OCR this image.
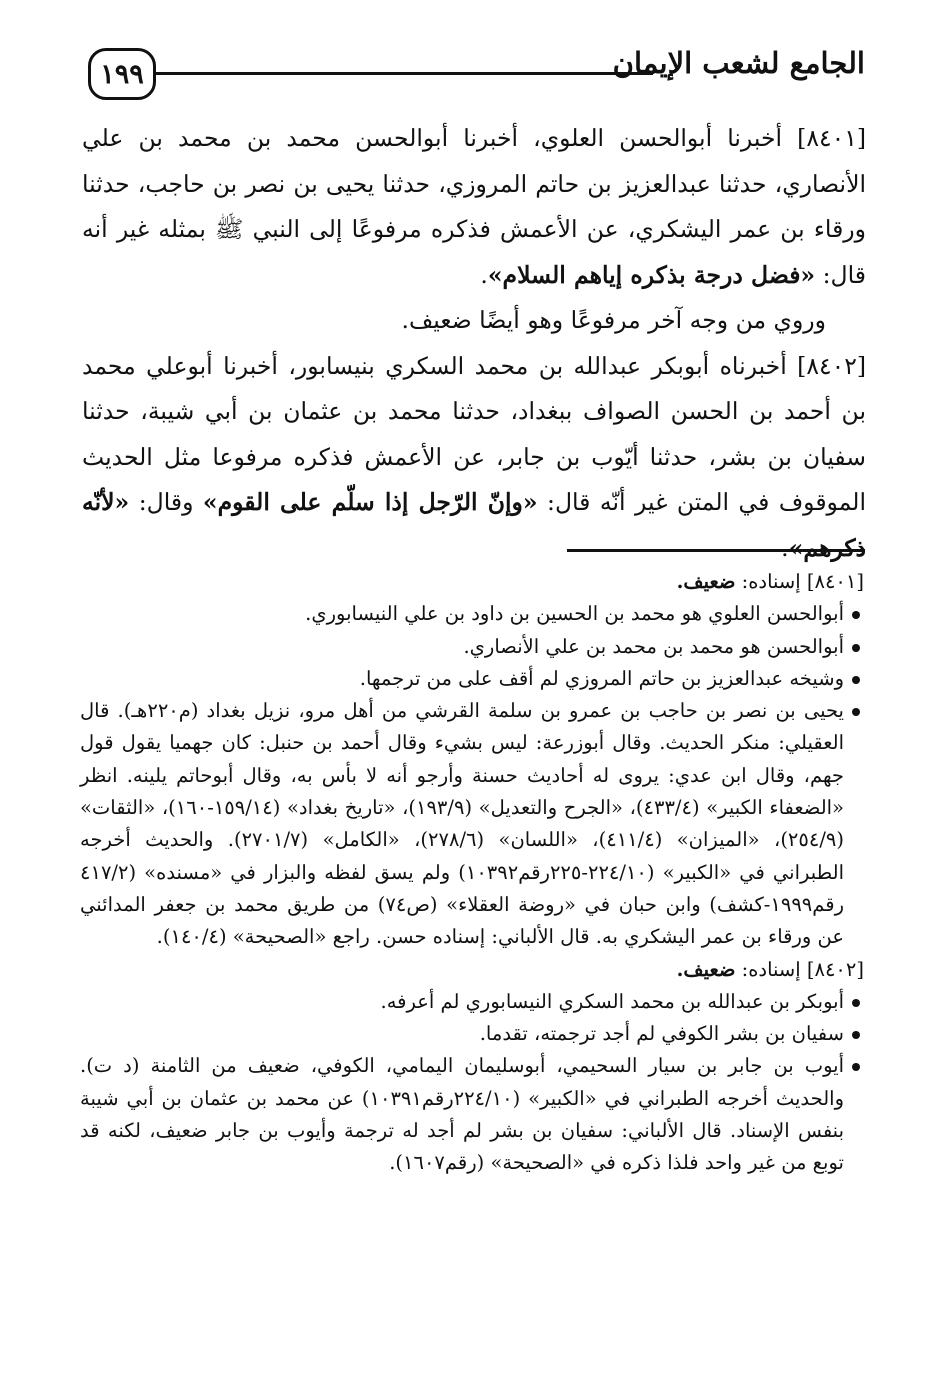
الجامع لشعب الإيمان
١٩٩

[٨٤٠١] أخبرنا أبوالحسن العلوي، أخبرنا أبوالحسن محمد بن محمد بن علي الأنصاري، حدثنا عبدالعزيز بن حاتم المروزي، حدثنا يحيى بن نصر بن حاجب، حدثنا ورقاء بن عمر اليشكري، عن الأعمش فذكره مرفوعًا إلى النبي ﷺ بمثله غير أنه قال: «فضل درجة بذكره إياهم السلام».

وروي من وجه آخر مرفوعًا وهو أيضًا ضعيف.

[٨٤٠٢] أخبرناه أبوبكر عبدالله بن محمد السكري بنيسابور، أخبرنا أبوعلي محمد بن أحمد بن الحسن الصواف ببغداد، حدثنا محمد بن عثمان بن أبي شيبة، حدثنا سفيان بن بشر، حدثنا أيّوب بن جابر، عن الأعمش فذكره مرفوعا مثل الحديث الموقوف في المتن غير أنّه قال: «وإنّ الرّجل إذا سلّم على القوم» وقال: «لأنّه ذكرهم».

[٨٤٠١] إسناده: ضعيف.

أبوالحسن العلوي هو محمد بن الحسين بن داود بن علي النيسابوري.
أبوالحسن هو محمد بن محمد بن علي الأنصاري.
وشيخه عبدالعزيز بن حاتم المروزي لم أقف على من ترجمها.
يحيى بن نصر بن حاجب بن عمرو بن سلمة القرشي من أهل مرو، نزيل بغداد (م٢٢٠هـ). قال العقيلي: منكر الحديث. وقال أبوزرعة: ليس بشيء وقال أحمد بن حنبل: كان جهميا يقول قول جهم، وقال ابن عدي: يروى له أحاديث حسنة وأرجو أنه لا بأس به، وقال أبوحاتم يلينه. انظر «الضعفاء الكبير» (٤٣٣/٤)، «الجرح والتعديل» (١٩٣/٩)، «تاريخ بغداد» (١٥٩/١٤-١٦٠)، «الثقات» (٢٥٤/٩)، «الميزان» (٤١١/٤)، «اللسان» (٢٧٨/٦)، «الكامل» (٢٧٠١/٧). والحديث أخرجه الطبراني في «الكبير» (٢٢٤/١٠-٢٢٥رقم١٠٣٩٢) ولم يسق لفظه والبزار في «مسنده» (٤١٧/٢ رقم١٩٩٩-كشف) وابن حبان في «روضة العقلاء» (ص٧٤) من طريق محمد بن جعفر المدائني عن ورقاء بن عمر اليشكري به. قال الألباني: إسناده حسن. راجع «الصحيحة» (١٤٠/٤).

[٨٤٠٢] إسناده: ضعيف.

أبوبكر بن عبدالله بن محمد السكري النيسابوري لم أعرفه.
سفيان بن بشر الكوفي لم أجد ترجمته، تقدما.
أيوب بن جابر بن سيار السحيمي، أبوسليمان اليمامي، الكوفي، ضعيف من الثامنة (د ت). والحديث أخرجه الطبراني في «الكبير» (٢٢٤/١٠رقم١٠٣٩١) عن محمد بن عثمان بن أبي شيبة بنفس الإسناد. قال الألباني: سفيان بن بشر لم أجد له ترجمة وأيوب بن جابر ضعيف، لكنه قد توبع من غير واحد فلذا ذكره في «الصحيحة» (رقم١٦٠٧).
